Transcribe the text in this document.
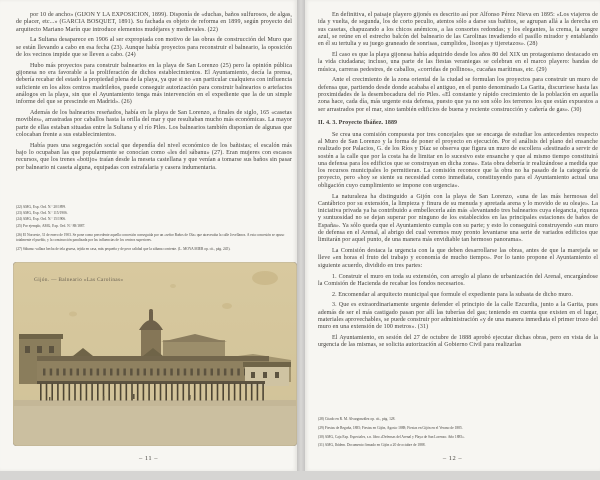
por 10 de ancho» (GIJON Y LA EXPOSICION, 1899). Disponía de «duchas, baños sulfurosos, de algas, de placer, etc...» (GARCIA BOSQUET, 1891). Su fachada es objeto de reforma en 1899, según proyecto del arquitecto Mariano Marín que introduce elementos mudéjares y medievales. (22)

La Sultana desaparece en 1906 al ser expropiada con motivo de las obras de construcción del Muro que se están llevando a cabo en esa fecha (23). Aunque había proyectos para reconstruir el balneario, la oposición de los vecinos impide que se lleven a cabo. (24)

Hubo más proyectos para construir balnearios en la playa de San Lorenzo (25) pero la opinión pública gijonesa no era favorable a la proliferación de dichos establecimientos. El Ayuntamiento, decía la prensa, debería recabar del estado la propiedad plena de la playa, ya que si no «un particular cualquiera con influencia suficiente en los altos centros madrileños, puede conseguir autorización para construir balnearios o artefactos análogos en la playa, sin que el Ayuntamiento tenga más intervención en el expediente que la de un simple informe del que se prescinde en Madrid». (26)

Además de los balnearios reseñados, había en la playa de San Lorenzo, a finales de siglo, 165 «casetas movibles», arrastradas por caballos hasta la orilla del mar y que resultaban mucho más económicas. La mayor parte de ellas estaban situadas entre la Sultana y el río Piles. Los balnearios también disponían de algunas que colocaban frente a sus establecimientos.

Había pues una segregación social que dependía del nivel económico de los bañistas; el escalón más bajo lo ocupaban las que popularmente se conocían como «les del sábanu» (27). Eran mujeres con escasos recursos, que los trenes «botijo» traían desde la meseta castellana y que venían a tomarse sus baños sin pasar por balneario ni caseta alguna, equipadas con estrafalaria y casera indumentaria.

(22) AMG, Exp. Ord. N.º 20/1899.

(23) AMG, Exp. Ord. N.º 115/1906.

(24) AMG, Exp. Ord. N.º 15/1906.

(25) Por ejemplo, AMG, Exp. Ord. N.º 88/1887.

(26) El Noroeste, 31 de enero de 1903. Se pone como precedente aquella concesión conseguida por un «señor Baños de Ola» que atravesaba la calle Jovellanos. A esta concesión se opuso totalmente el pueblo, y la construcción paralizada por las influencias de los centros superiores.

(27) Sábanu: vallara hecha de tela gruesa, tejida en casa, más pequeña y de peor calidad que la sábana corriente. (L. MOYA MIER op. cit., pág. 245).

Gijón. — Balneario «Las Carolinas»
– 11 –

En definitiva, el paisaje playero gijonés es descrito así por Alfonso Pérez Nieva en 1895: «Los viajeros de ida y vuelta, de segunda, los de corto peculio, atentos sólo a darse sus bañitos, se agrupan allá a la derecha en sus casetas, chapuzando a los chicos anémicos, a las consortes redondas; y los elegantes, la crema, la sangre azul, se reúne en el estrecho balcón del balneario de las Carolinas invadiendo el pasillo mirador y entablando en él su tertulia y su juego graneado de sonrisas, cumplidos, lisonjas y tijeretazos». (28)

El caso es que la playa gijonesa había adquirido desde los años 80 del XIX un protagonismo destacado en la vida ciudadana; incluso, una parte de las fiestas veraniegas se celebran en el marco playero: bandas de música, carreras pedestres, de caballos, «corridas de pollinos», cucañas marítimas, etc. (29)

Ante el crecimiento de la zona oriental de la ciudad se formulan los proyectos para construir un muro de defensa que, partiendo desde donde acababa el antiguo, en el punto denominado La Garita, discurriese hasta las proximidades de la desembocadura del río Piles. «El constante y rápido crecimiento de la población en aquella zona hace, cada día, más urgente esta defensa, puesto que ya no son sólo los terrenos los que están expuestos a ser arrastrados por el mar, sino también edificios de buena y reciente construcción y cañería de gas». (30)

II. 4. 3. Proyecto Ibáñez. 1889

Se crea una comisión compuesta por tres concejales que se encarga de estudiar los antecedentes respecto al Muro de San Lorenzo y la forma de poner el proyecto en ejecución. Por el análisis del plano del ensanche realizado por Palacios, G. de los Ríos y Díaz se observa que figura un muro de escollera «destinado a servir de sostén a la calle que por la costa ha de limitar en lo sucesivo este ensanche y que al mismo tiempo constituirá una defensa para los edificios que se construyan en dicha zona». Esta obra debería ir realizándose a medida que los recursos municipales lo permitieran. La comisión reconoce que la obra no ha pasado de la categoría de proyecto, pero «hoy se siente su necesidad como inmediata, constituyendo para el Ayuntamiento actual una obligación cuyo cumplimiento se impone con urgencia».

La naturaleza ha distinguido a Gijón con la playa de San Lorenzo, «una de las más hermosas del Cantábrico por su extensión, la limpieza y finura de su menuda y apretada arena y lo movido de su oleaje». La iniciativa privada ya ha contribuido a embellecerla aún más «levantando tres balnearios cuya elegancia, riqueza y suntuosidad no se dejan superar por ninguno de los establecidos en las principales estaciones de baños de España». Ya sólo queda que el Ayuntamiento cumpla con su parte; y esto lo conseguirá construyendo «un muro de defensa en el Arenal, al abrigo del cual veremos muy pronto levantarse una serie de variados edificios que limitarán por aquel punto, de una manera más envidiable tan hermoso panorama».

La Comisión destaca la urgencia con la que deben desarrollarse las obras, antes de que la marejada se lleve «en horas el fruto del trabajo y economía de mucho tiempo». Por lo tanto propone el Ayuntamiento el siguiente acuerdo, dividido en tres partes:

1. Construir el muro en toda su extensión, con arreglo al plano de urbanización del Arenal, encargándose la Comisión de Hacienda de recabar los fondos necesarios.

2. Encomendar al arquitecto municipal que formule el expediente para la subasta de dicho muro.

3. Que es extraordinariamente urgente defender el principio de la calle Ezcurdia, junto a la Garita, pues además de ser el más castigado pasan por allí las tuberías del gas; teniendo en cuenta que existen en el lugar, materiales aprovechables, se puede construir por administración «y de una manera inmediata el primer trozo del muro en una extensión de 100 metros». (31)

El Ayuntamiento, en sesión del 27 de octubre de 1888 aprobó ejecutar dichas obras, pero en vista de la urgencia de las mismas, se solicita autorización al Gobierno Civil para realizarlas

(28) Citado en R. M. Alvargonzález op. cit., pág. 128.

(29) Fiestas de Begoña, 1885; Fiestas en Gijón, Agosto 1888; Fiestas en Gijón en el Verano de 1885.

(30) AMG, Caja Exp. Especiales, s.n. libro «Defensas del Arenal y Playa de San Lorenzo. Año 1885».

(31) AMG, Ibídem. Documento firmado en Gijón a 20 de octubre de 1888.

– 12 –
